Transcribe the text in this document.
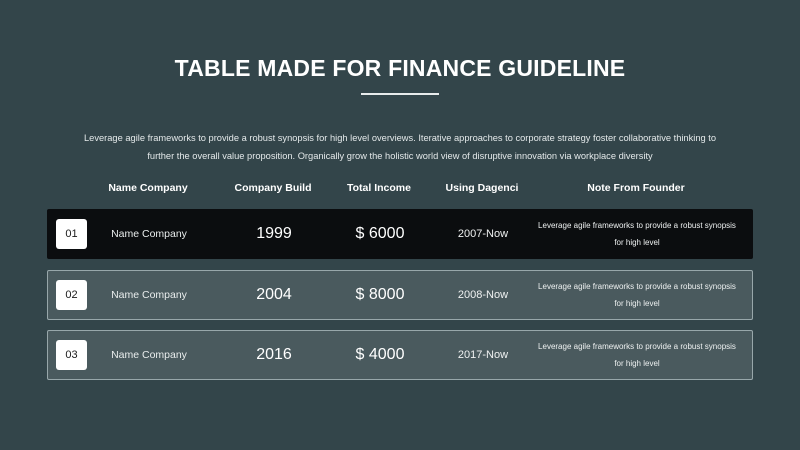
TABLE MADE FOR FINANCE GUIDELINE
Leverage agile frameworks to provide a robust synopsis for high level overviews. Iterative approaches to corporate strategy foster collaborative thinking to further the overall value proposition. Organically grow the holistic world view of disruptive innovation via workplace diversity
Name Company	Company Build	Total Income	Using Dagenci	Note From Founder
01	Name Company	1999	$ 6000	2007-Now
Leverage agile frameworks to provide a robust synopsis for high level
02	Name Company	2004	$ 8000	2008-Now
Leverage agile frameworks to provide a robust synopsis for high level
03	Name Company	2016	$ 4000	2017-Now
Leverage agile frameworks to provide a robust synopsis for high level
